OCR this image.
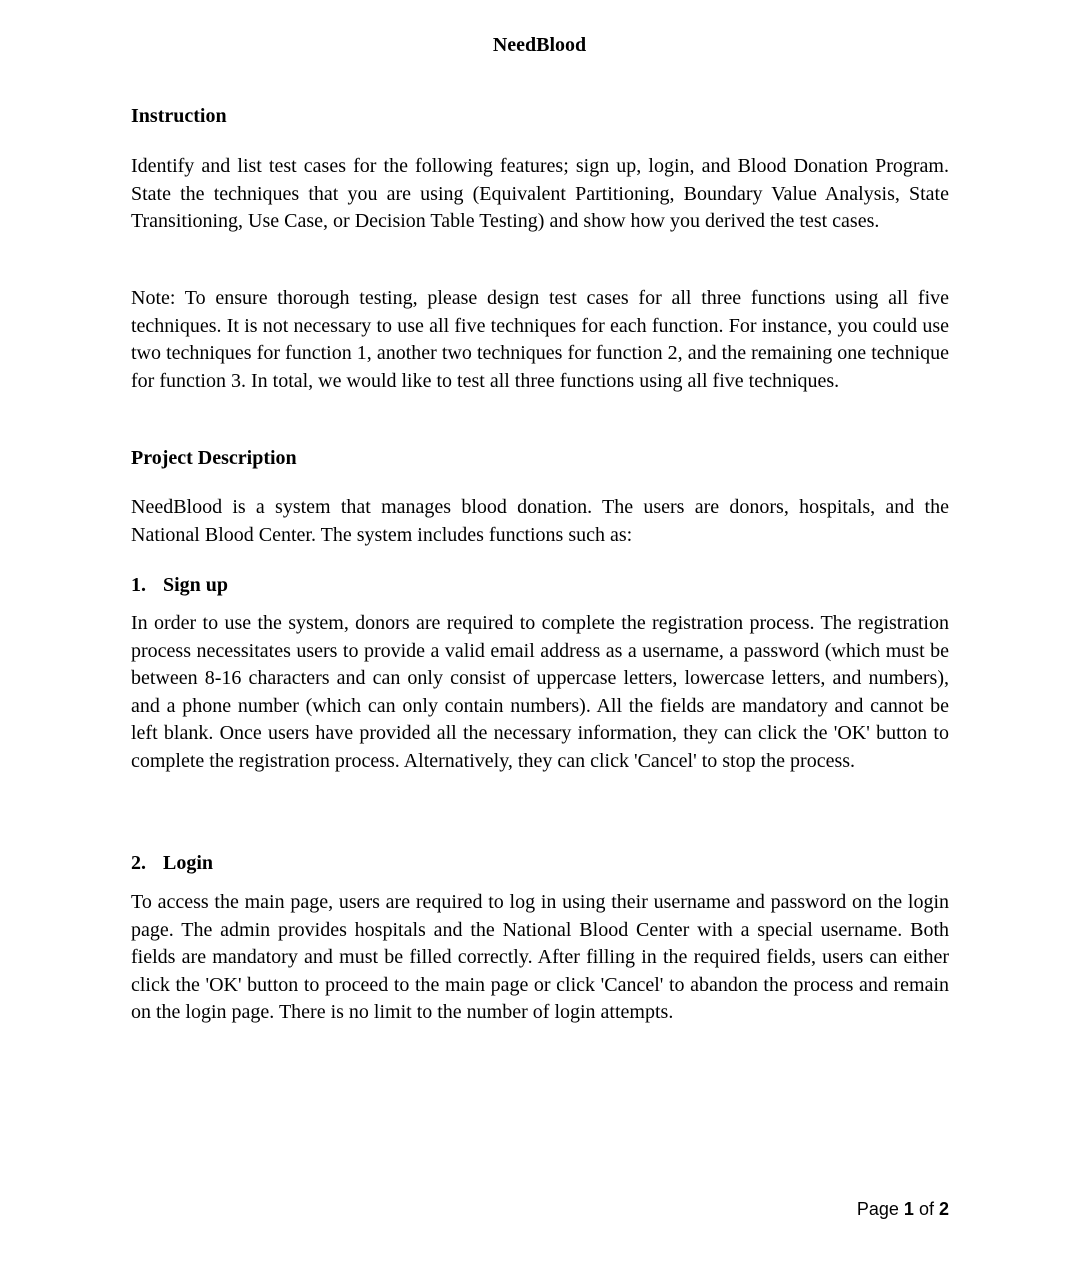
NeedBlood
Instruction

Identify and list test cases for the following features; sign up, login, and Blood Donation Program. State the techniques that you are using (Equivalent Partitioning, Boundary Value Analysis, State Transitioning, Use Case, or Decision Table Testing) and show how you derived the test cases.

Note: To ensure thorough testing, please design test cases for all three functions using all five techniques. It is not necessary to use all five techniques for each function. For instance, you could use two techniques for function 1, another two techniques for function 2, and the remaining one technique for function 3. In total, we would like to test all three functions using all five techniques.

Project Description

NeedBlood is a system that manages blood donation. The users are donors, hospitals, and the National Blood Center. The system includes functions such as:

1. Sign up

In order to use the system, donors are required to complete the registration process. The registration process necessitates users to provide a valid email address as a username, a password (which must be between 8-16 characters and can only consist of uppercase letters, lowercase letters, and numbers), and a phone number (which can only contain numbers). All the fields are mandatory and cannot be left blank. Once users have provided all the necessary information, they can click the 'OK' button to complete the registration process. Alternatively, they can click 'Cancel' to stop the process.

2. Login

To access the main page, users are required to log in using their username and password on the login page. The admin provides hospitals and the National Blood Center with a special username. Both fields are mandatory and must be filled correctly. After filling in the required fields, users can either click the 'OK' button to proceed to the main page or click 'Cancel' to abandon the process and remain on the login page. There is no limit to the number of login attempts.

Page 1 of 2
